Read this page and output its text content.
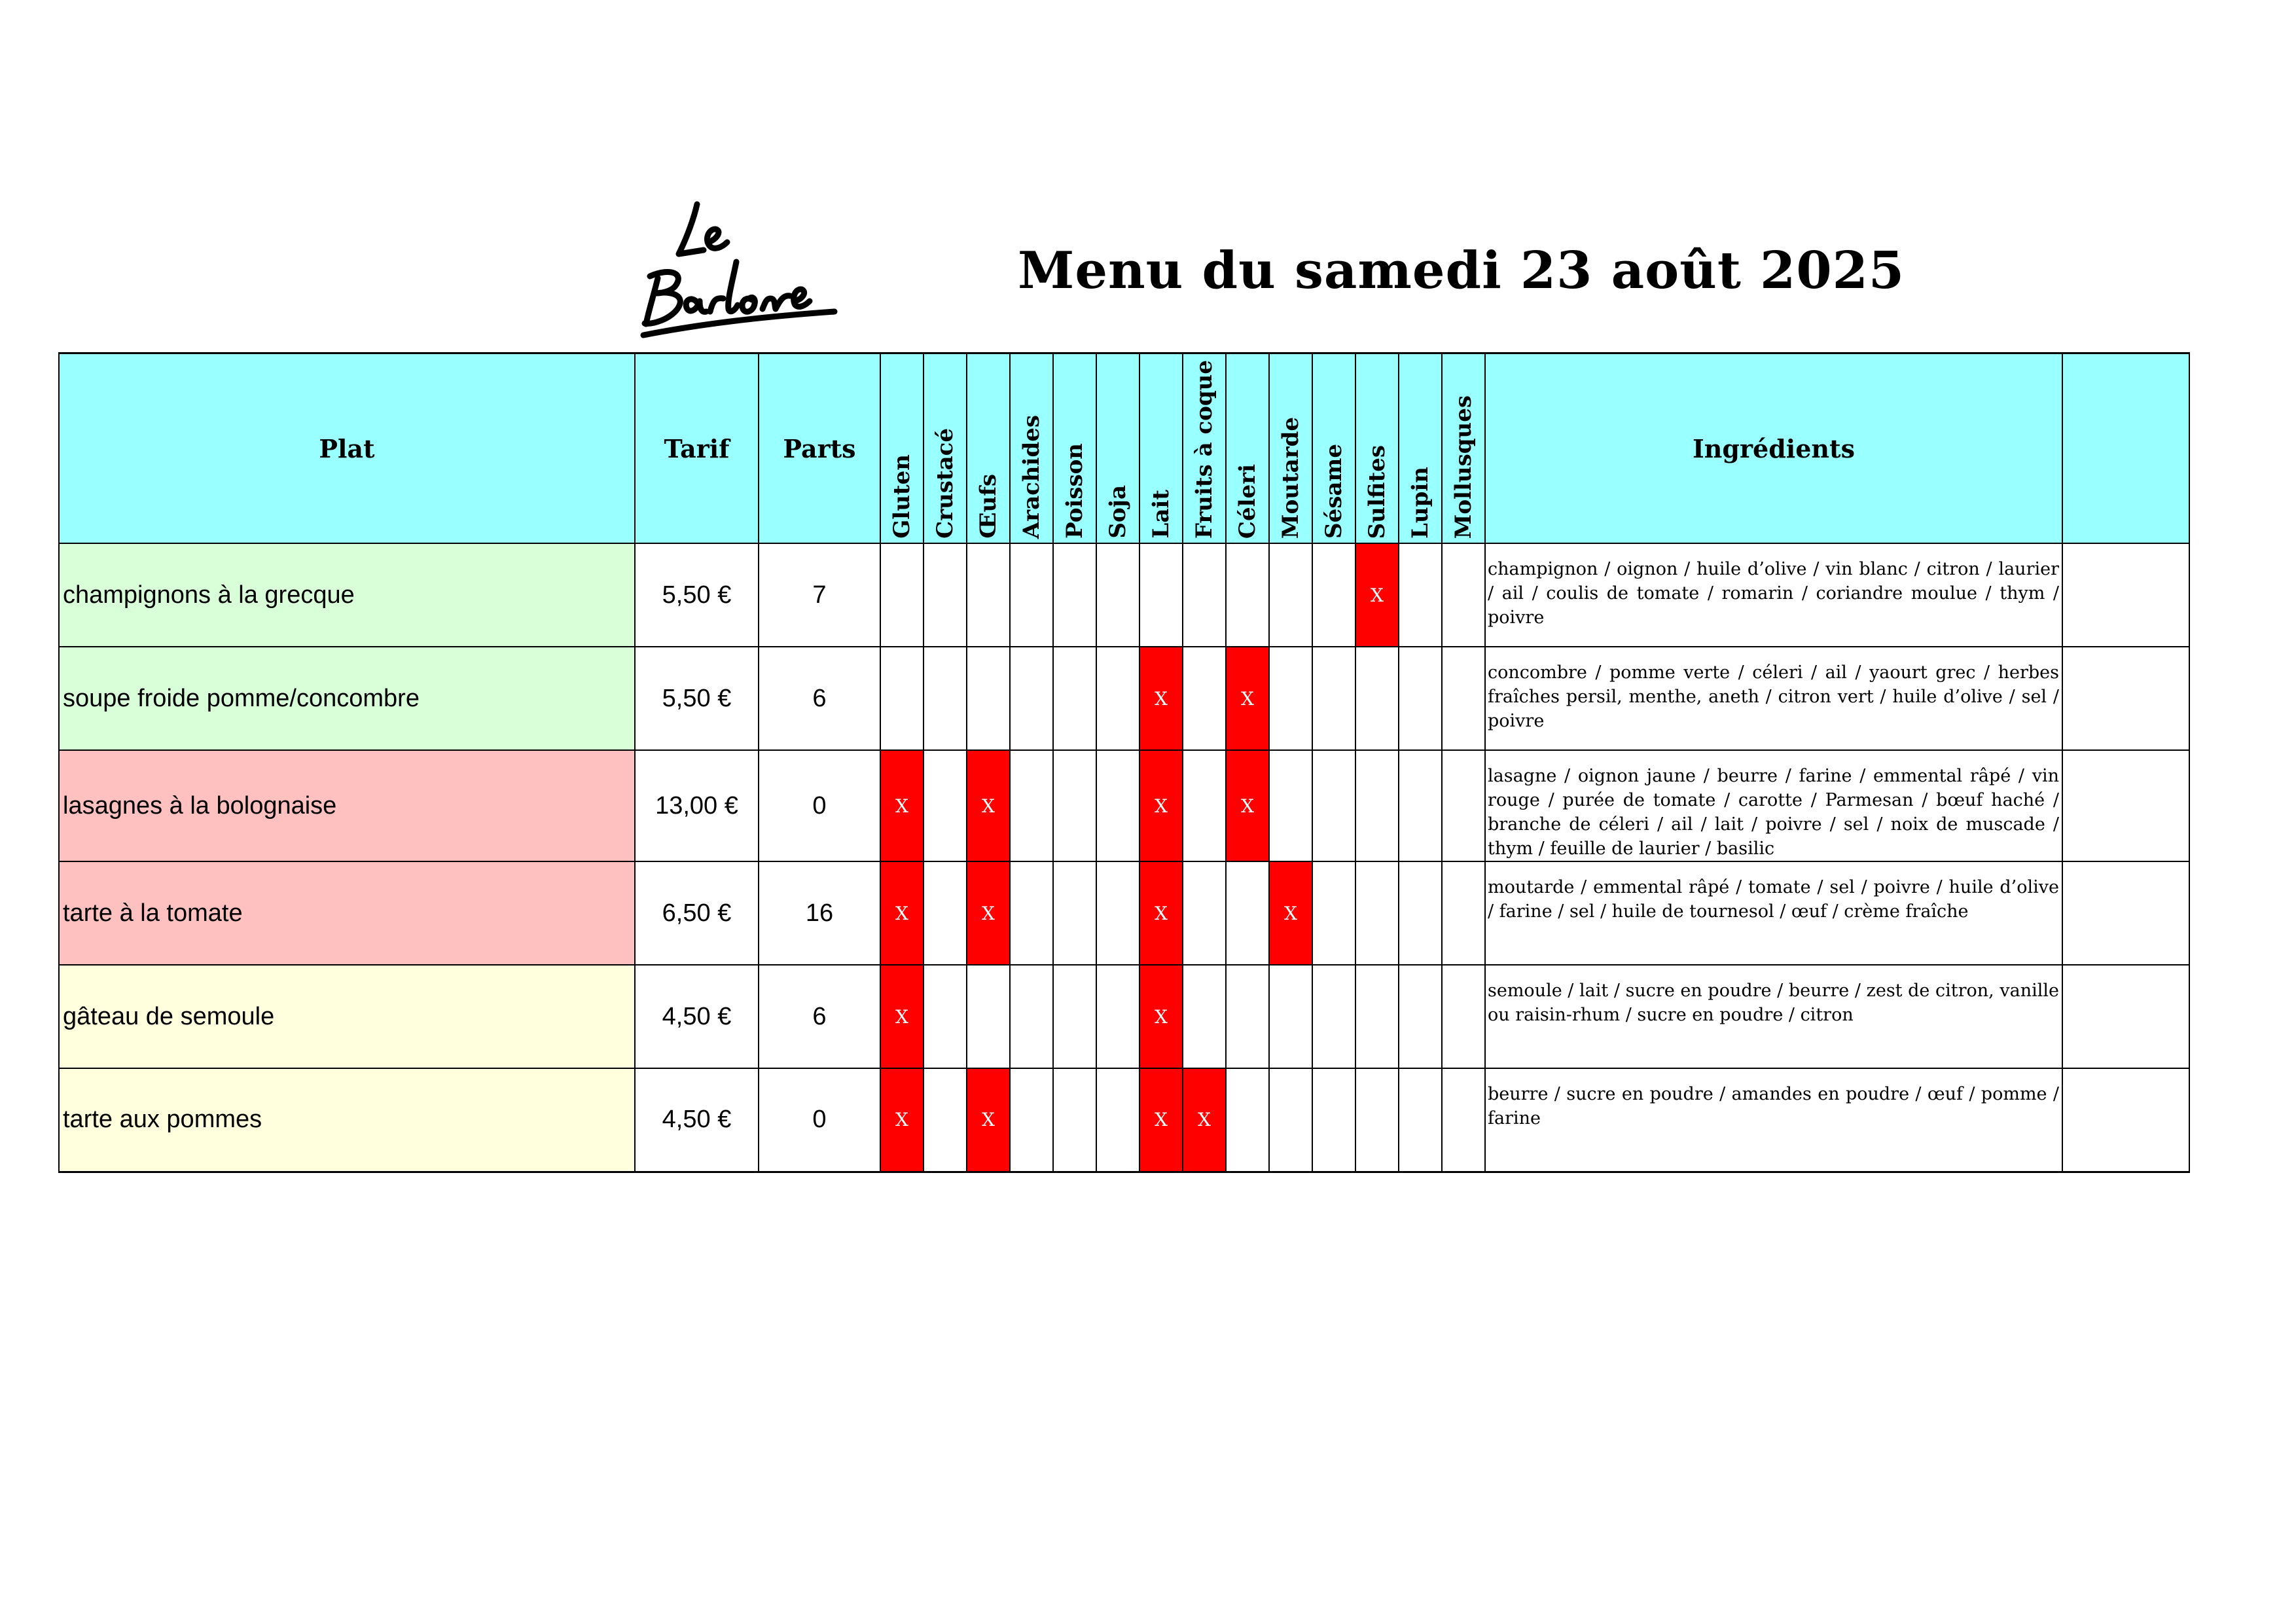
Menu du samedi 23 août 2025
Plat	Tarif	Parts	Gluten	Crustacé	Œufs	Arachides	Poisson	Soja	Lait	Fruits à coque	Céleri	Moutarde	Sésame	Sulfites	Lupin	Mollusques	Ingrédients	
champignons à la grecque	5,50 €	7												X			champignon / oignon / huile d’olive / vin blanc / citron / laurier / ail / coulis de tomate / romarin / coriandre moulue / thym / poivre	
soupe froide pomme/concombre	5,50 €	6							X		X						concombre / pomme verte / céleri / ail / yaourt grec / herbes fraîches persil, menthe, aneth / citron vert / huile d’olive / sel / poivre	
lasagnes à la bolognaise	13,00 €	0	X		X				X		X						lasagne / oignon jaune / beurre / farine / emmental râpé / vin rouge / purée de tomate / carotte / Parmesan / bœuf haché / branche de céleri / ail / lait / poivre / sel / noix de muscade / thym / feuille de laurier / basilic	
tarte à la tomate	6,50 €	16	X		X				X			X					moutarde / emmental râpé / tomate / sel / poivre / huile d’olive / farine / sel / huile de tournesol / œuf / crème fraîche	
gâteau de semoule	4,50 €	6	X						X								semoule / lait / sucre en poudre / beurre / zest de citron, vanille ou raisin-rhum / sucre en poudre / citron	
tarte aux pommes	4,50 €	0	X		X				X	X							beurre / sucre en poudre / amandes en poudre / œuf / pomme / farine	
